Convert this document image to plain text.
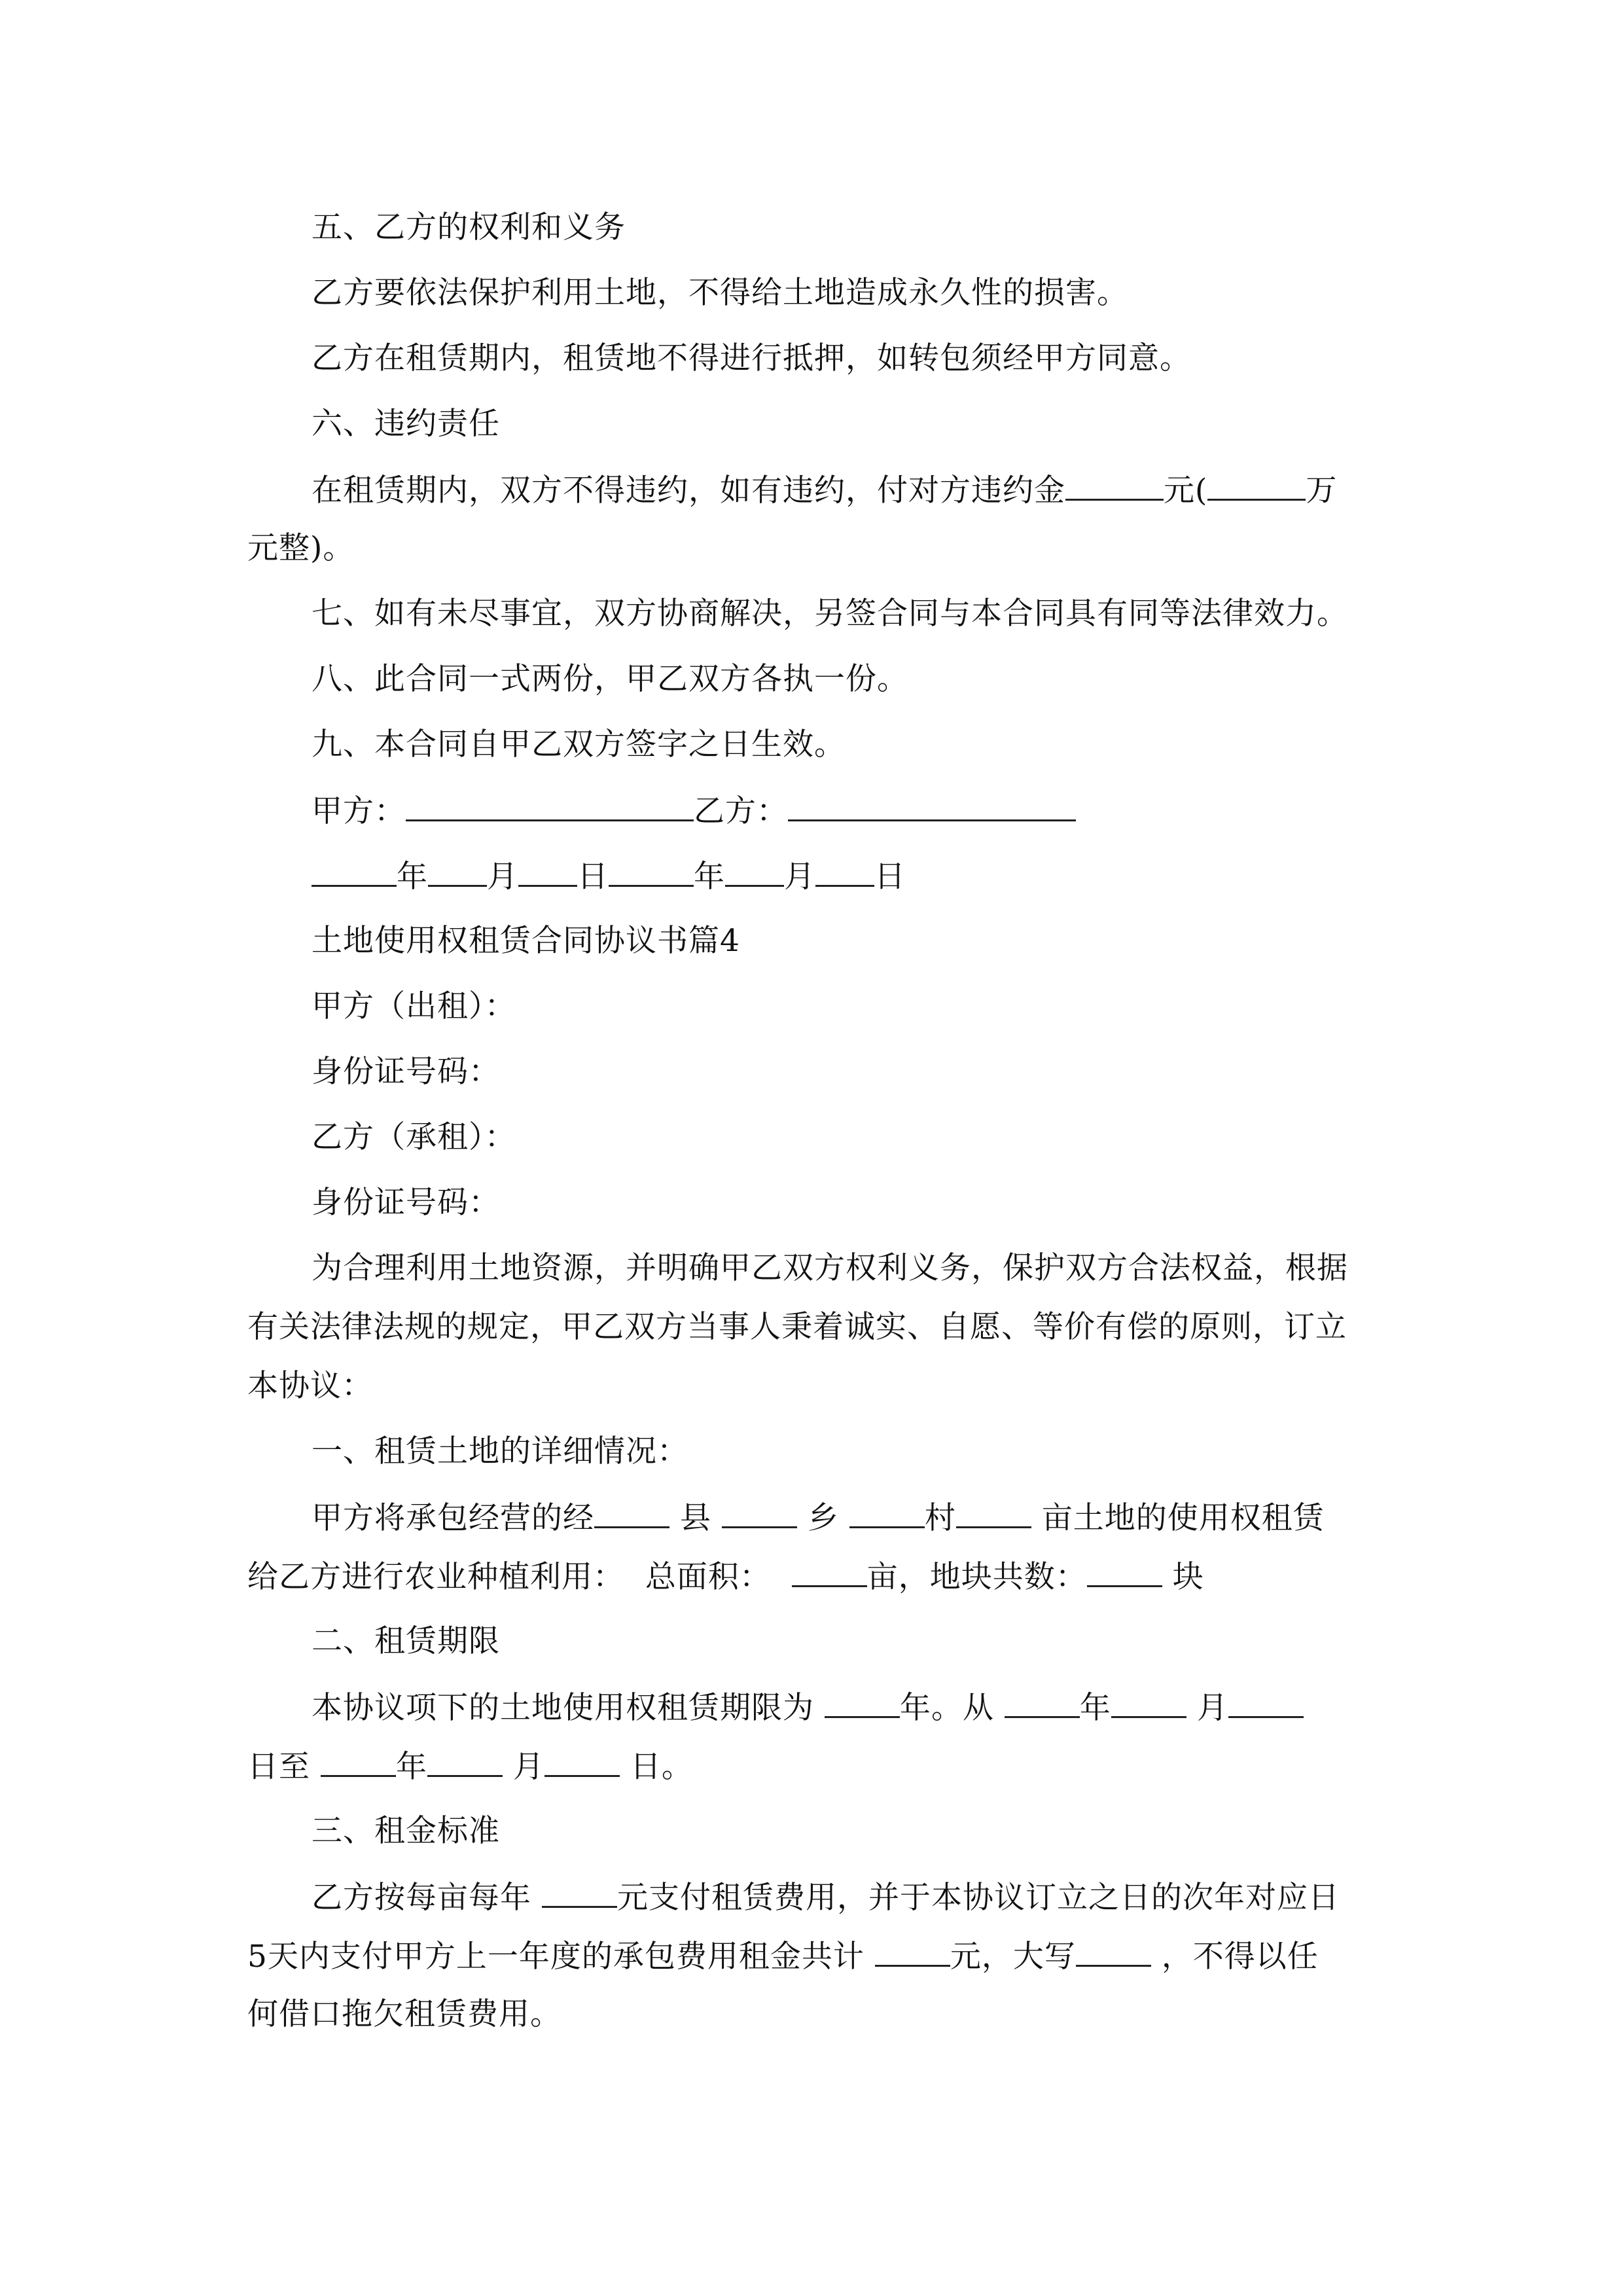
五、乙方的权利和义务
乙方要依法保护利用土地，不得给土地造成永久性的损害。
乙方在租赁期内，租赁地不得进行抵押，如转包须经甲方同意。
六、违约责任
在租赁期内，双方不得违约，如有违约，付对方违约金	元(	万
元整)。
七、如有未尽事宜，双方协商解决，另签合同与本合同具有同等法律效力。
八、此合同一式两份，甲乙双方各执一份。
九、本合同自甲乙双方签字之日生效。
甲方：	乙方：
年 月 日	年 月 日
土地使用权租赁合同协议书篇4
甲方（出租）：
身份证号码：
乙方（承租）：
身份证号码：
为合理利用土地资源，并明确甲乙双方权利义务，保护双方合法权益，根据
有关法律法规的规定，甲乙双方当事人秉着诚实、自愿、等价有偿的原则，订立
本协议：
一、租赁土地的详细情况：
甲方将承包经营的经	县	乡	村	亩土地的使用权租赁
给乙方进行农业种植利用： 总面积：	亩，地块共数：	块
二、租赁期限
本协议项下的土地使用权租赁期限为	年。从	年	月
日至	年	月	日。
三、租金标准
乙方按每亩每年	元支付租赁费用，并于本协议订立之日的次年对应日
5天内支付甲方上一年度的承包费用租金共计	元，大写	，不得以任
何借口拖欠租赁费用。
